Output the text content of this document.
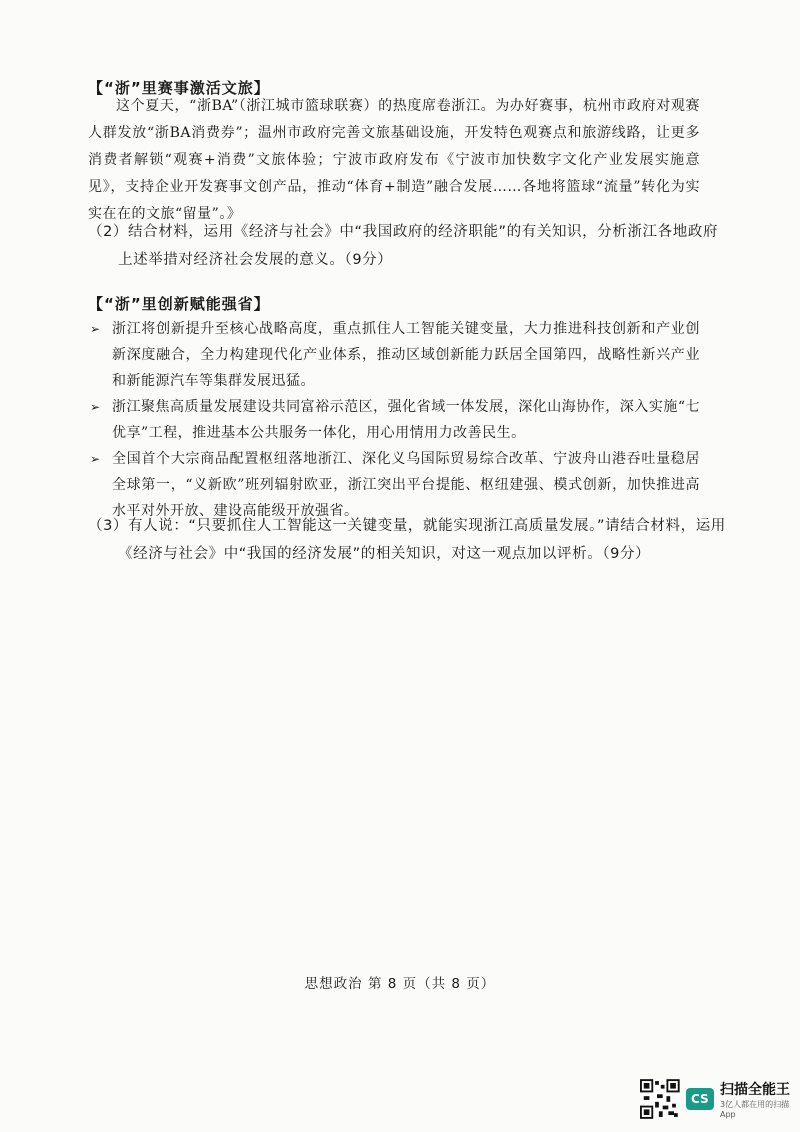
【“浙”里赛事激活文旅】
这个夏天，“浙BA”（浙江城市篮球联赛）的热度席卷浙江。为办好赛事，杭州市政府对观赛人群发放“浙BA消费券”；温州市政府完善文旅基础设施，开发特色观赛点和旅游线路，让更多消费者解锁“观赛+消费”文旅体验；宁波市政府发布《宁波市加快数字文化产业发展实施意见》，支持企业开发赛事文创产品，推动“体育+制造”融合发展……各地将篮球“流量”转化为实实在在的文旅“留量”。》
（2）结合材料，运用《经济与社会》中“我国政府的经济职能”的有关知识，分析浙江各地政府上述举措对经济社会发展的意义。（9分）
【“浙”里创新赋能强省】
➢ 浙江将创新提升至核心战略高度，重点抓住人工智能关键变量，大力推进科技创新和产业创新深度融合，全力构建现代化产业体系，推动区域创新能力跃居全国第四，战略性新兴产业和新能源汽车等集群发展迅猛。
➢ 浙江聚焦高质量发展建设共同富裕示范区，强化省域一体发展，深化山海协作，深入实施“七优享”工程，推进基本公共服务一体化，用心用情用力改善民生。
➢ 全国首个大宗商品配置枢纽落地浙江、深化义乌国际贸易综合改革、宁波舟山港吞吐量稳居全球第一，“义新欧”班列辐射欧亚，浙江突出平台提能、枢纽建强、模式创新，加快推进高水平对外开放、建设高能级开放强省。
（3）有人说：“只要抓住人工智能这一关键变量，就能实现浙江高质量发展。”请结合材料，运用《经济与社会》中“我国的经济发展”的相关知识，对这一观点加以评析。（9分）
思想政治 第 8 页（共 8 页）
CS
扫描全能王
3亿人都在用的扫描App
